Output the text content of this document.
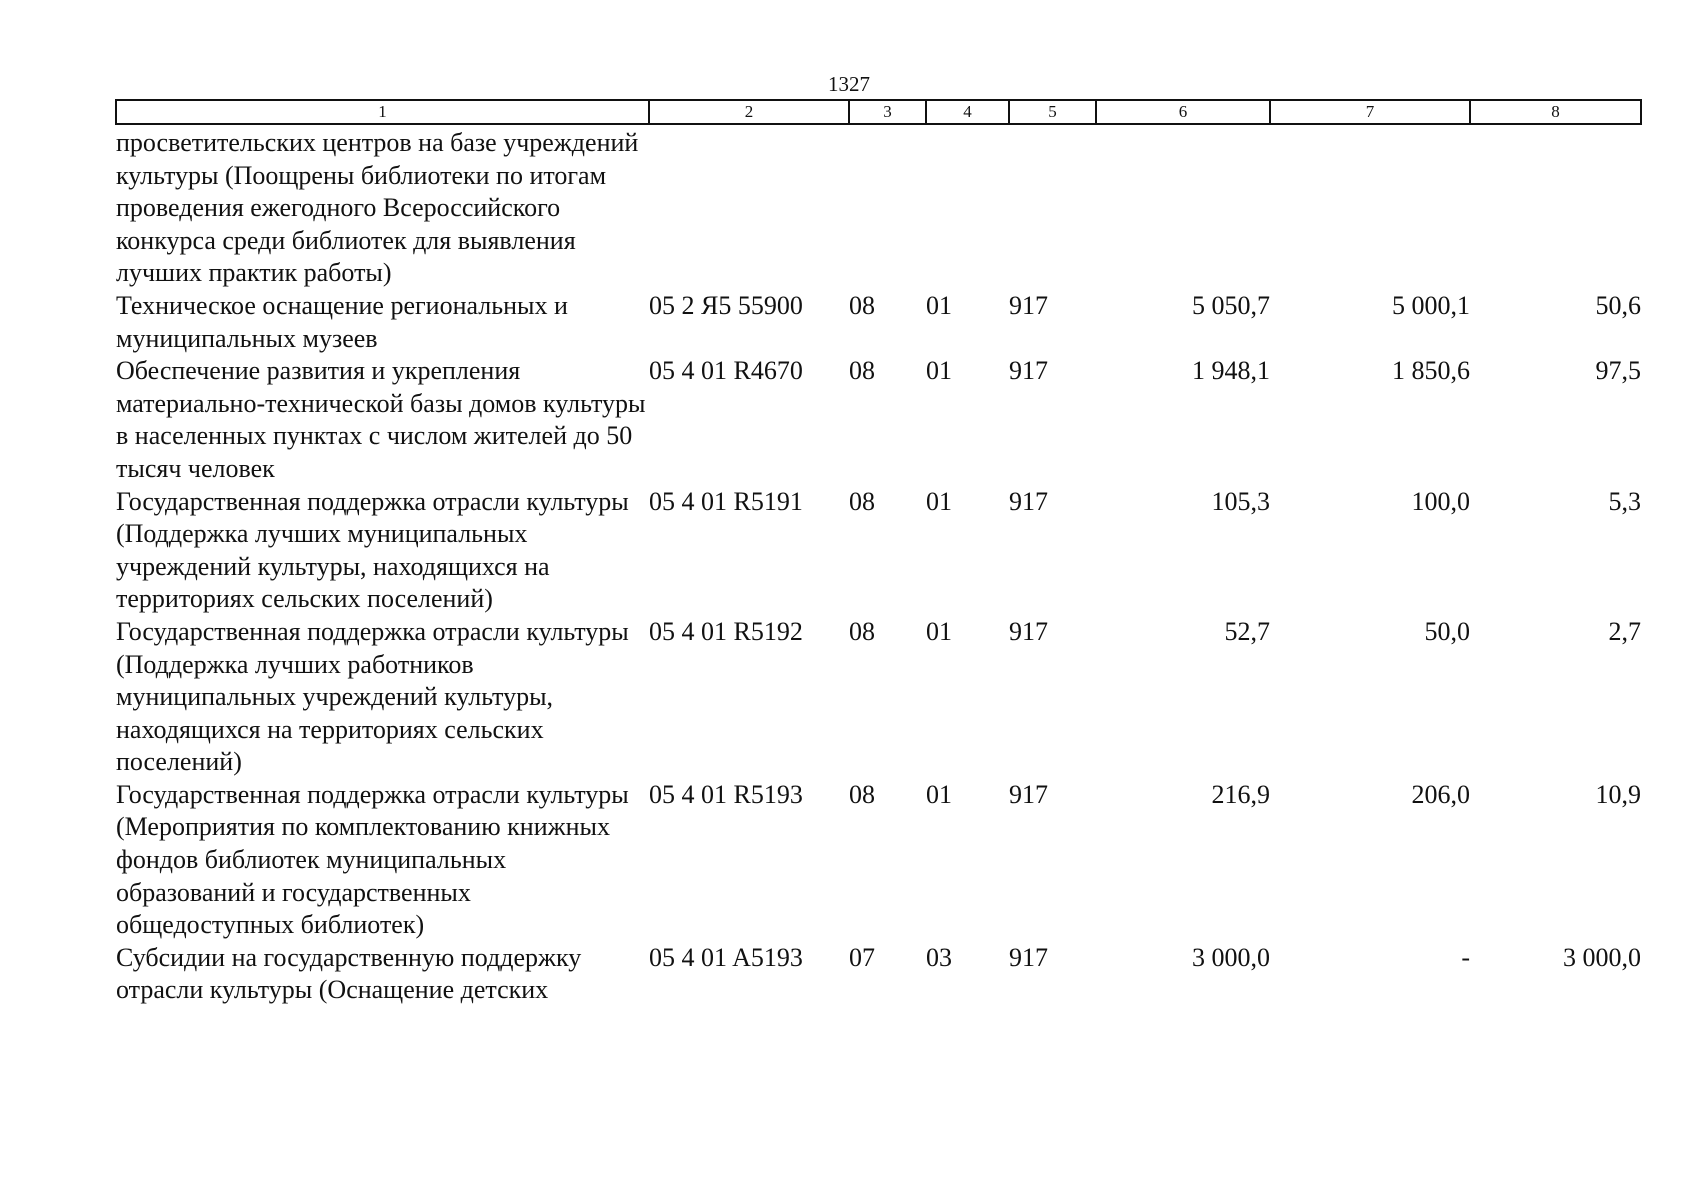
1327
1	2	3	4	5	6	7	8
просветительских центров на базе учреждений культуры (Поощрены библиотеки по итогам проведения ежегодного Всероссийского конкурса среди библиотек для выявления лучших практик работы)							
Техническое оснащение региональных и муниципальных музеев	05 2 Я5 55900	08	01	917	5 050,7	5 000,1	50,6
Обеспечение развития и укрепления материально-технической базы домов культуры в населенных пунктах с числом жителей до 50 тысяч человек	05 4 01 R4670	08	01	917	1 948,1	1 850,6	97,5
Государственная поддержка отрасли культуры (Поддержка лучших муниципальных учреждений культуры, находящихся на территориях сельских поселений)	05 4 01 R5191	08	01	917	105,3	100,0	5,3
Государственная поддержка отрасли культуры (Поддержка лучших работников муниципальных учреждений культуры, находящихся на территориях сельских поселений)	05 4 01 R5192	08	01	917	52,7	50,0	2,7
Государственная поддержка отрасли культуры (Мероприятия по комплектованию книжных фондов библиотек муниципальных образований и государственных общедоступных библиотек)	05 4 01 R5193	08	01	917	216,9	206,0	10,9
Субсидии на государственную поддержку отрасли культуры (Оснащение детских	05 4 01 A5193	07	03	917	3 000,0	-	3 000,0
